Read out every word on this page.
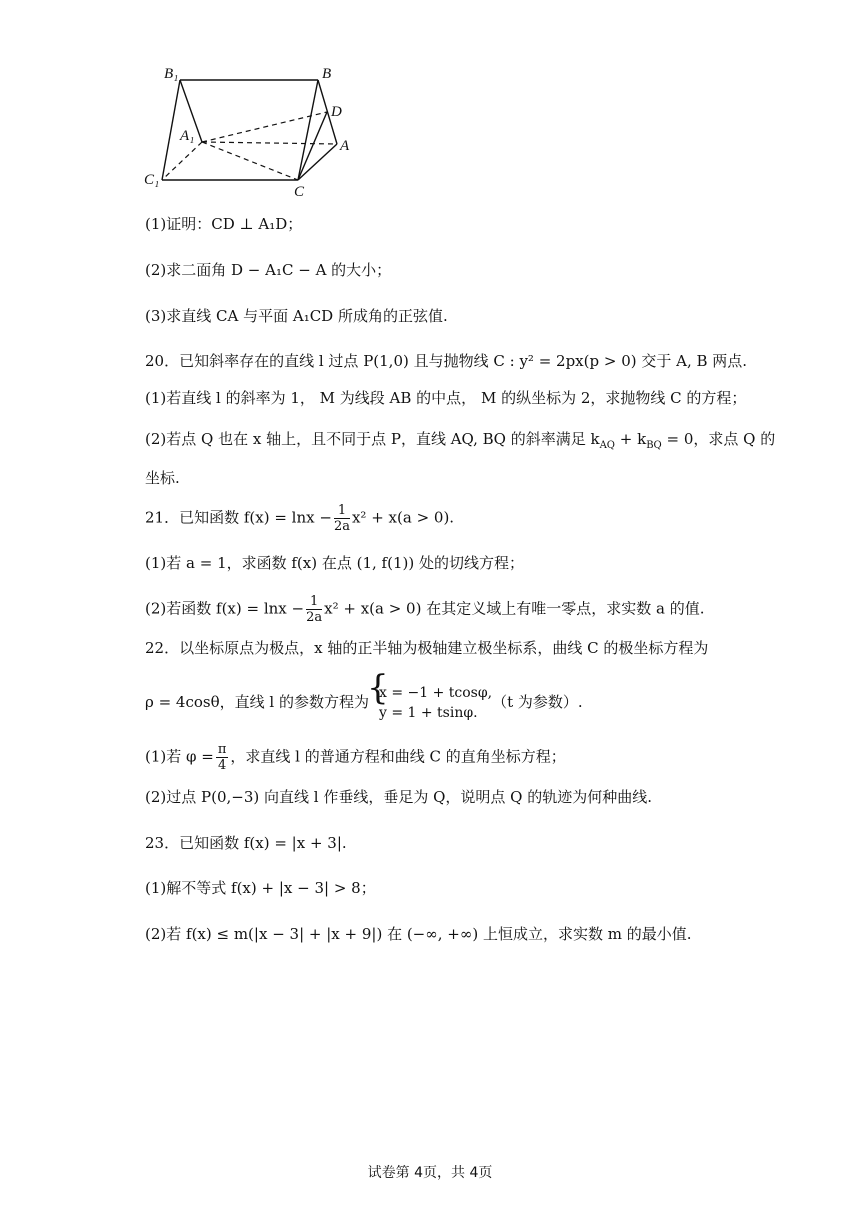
B₁	B
D
A₁
A
C₁
C
(1)证明：CD ⊥ A₁D；
(2)求二面角 D − A₁C − A 的大小；
(3)求直线 CA 与平面 A₁CD 所成角的正弦值.
20．已知斜率存在的直线 l 过点 P(1,0) 且与抛物线 C : y² = 2px(p > 0) 交于 A, B 两点.
(1)若直线 l 的斜率为 1， M 为线段 AB 的中点， M 的纵坐标为 2，求抛物线 C 的方程；
(2)若点 Q 也在 x 轴上，且不同于点 P，直线 AQ, BQ 的斜率满足 $k_{AQ} + k_{BQ} = 0$，求点 Q 的
坐标.
21．已知函数 $f(x) = \ln x - \frac{1}{2a} x^2 + x(a > 0)$.
(1)若 a = 1，求函数 f(x) 在点 (1, f(1)) 处的切线方程；
(2)若函数 $f(x) = \ln x - \frac{1}{2a} x^2 + x(a > 0)$ 在其定义域上有唯一零点，求实数 a 的值.
22．以坐标原点为极点，x 轴的正半轴为极轴建立极坐标系，曲线 C 的极坐标方程为
ρ = 4cosθ，直线 l 的参数方程为
{ x = −1 + tcosφ,
y = 1 + tsinφ.
（t 为参数）.
(1)若 $\varphi = \frac{\pi}{4}$ ，求直线 l 的普通方程和曲线 C 的直角坐标方程；
(2)过点 P(0,−3) 向直线 l 作垂线，垂足为 Q，说明点 Q 的轨迹为何种曲线.
23．已知函数 f(x) = |x + 3|.
(1)解不等式 f(x) + |x − 3| > 8；
(2)若 f(x) ≤ m(|x − 3| + |x + 9|) 在 (−∞, +∞) 上恒成立，求实数 m 的最小值.
试卷第 4页，共 4页
